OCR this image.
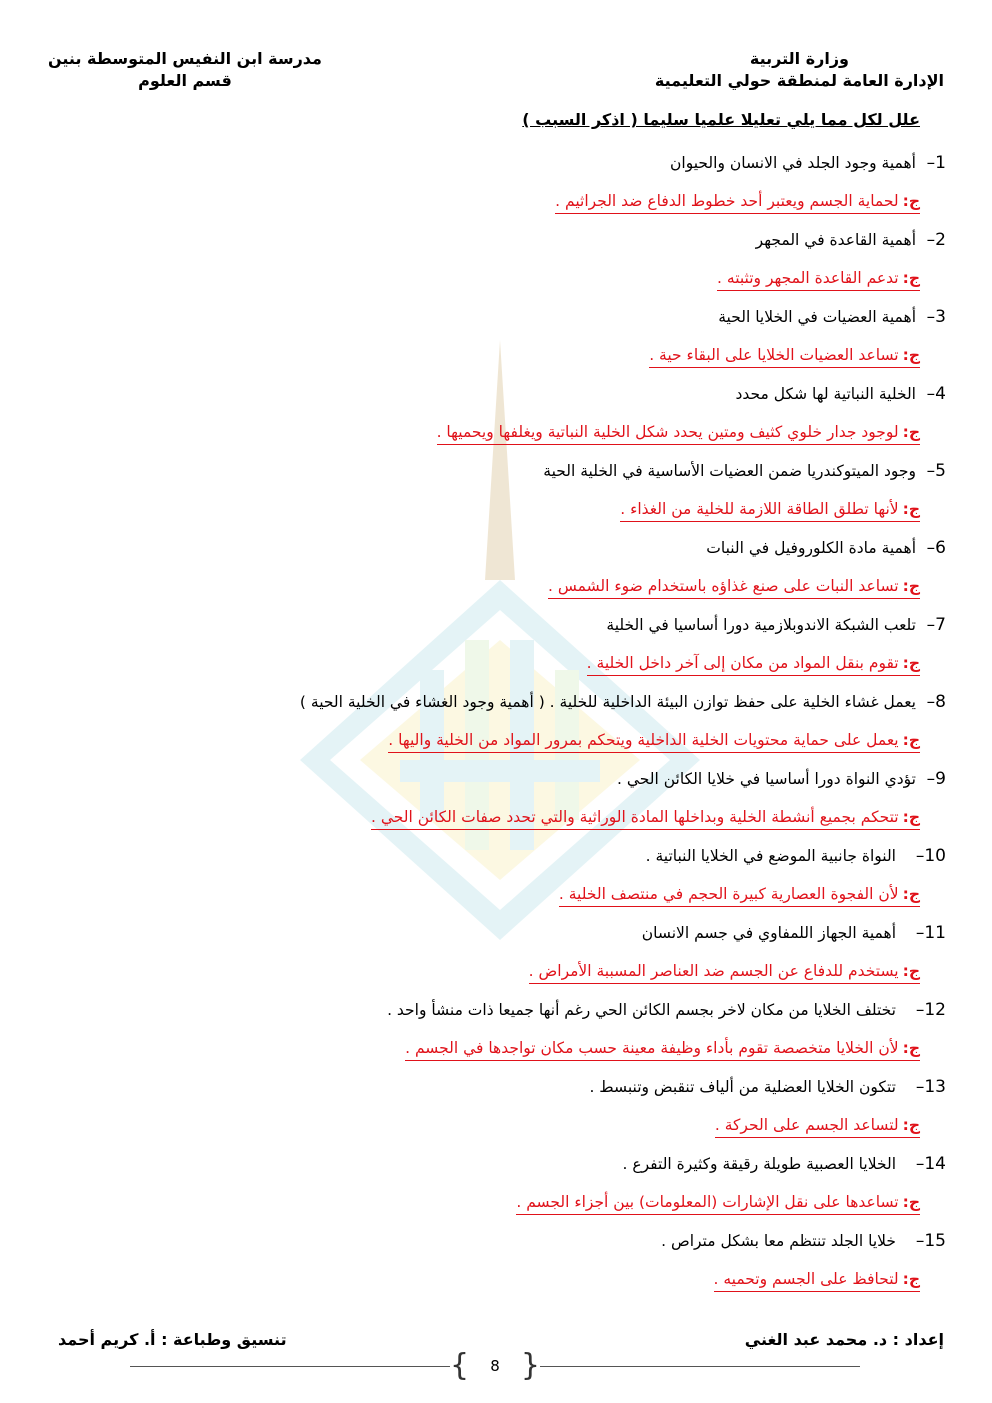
وزارة التربية
الإدارة العامة لمنطقة حولي التعليمية
مدرسة ابن النفيس المتوسطة بنين
قسم العلوم
علل لكل مما يلي تعليلا علميا سليما ( اذكر السبب )
1–
أهمية وجود الجلد في الانسان والحيوان
ج:لحماية الجسم ويعتبر أحد خطوط الدفاع ضد الجراثيم .
2–
أهمية القاعدة في المجهر
ج:تدعم القاعدة المجهر وتثبته .
3–
أهمية العضيات في الخلايا الحية
ج:تساعد العضيات الخلايا على البقاء حية .
4–
الخلية النباتية لها شكل محدد
ج:لوجود جدار خلوي كثيف ومتين يحدد شكل الخلية النباتية ويغلفها ويحميها .
5–
وجود الميتوكندريا ضمن العضيات الأساسية في الخلية الحية
ج:لأنها تطلق الطاقة اللازمة للخلية من الغذاء .
6–
أهمية مادة الكلوروفيل في النبات
ج:تساعد النبات على صنع غذاؤه باستخدام ضوء الشمس .
7–
تلعب الشبكة الاندوبلازمية دورا أساسيا في الخلية
ج:تقوم بنقل المواد من مكان إلى آخر داخل الخلية .
8–
يعمل غشاء الخلية على حفظ توازن البيئة الداخلية للخلية . ( أهمية وجود الغشاء في الخلية الحية )
ج:يعمل على حماية محتويات الخلية الداخلية ويتحكم بمرور المواد من الخلية واليها .
9–
تؤدي النواة دورا أساسيا في خلايا الكائن الحي .
ج:تتحكم بجميع أنشطة الخلية وبداخلها المادة الوراثية والتي تحدد صفات الكائن الحي .
10–
النواة جانبية الموضع في الخلايا النباتية .
ج:لأن الفجوة العصارية كبيرة الحجم في منتصف الخلية .
11–
أهمية الجهاز اللمفاوي في جسم الانسان
ج:يستخدم للدفاع عن الجسم ضد العناصر المسببة الأمراض .
12–
تختلف الخلايا من مكان لاخر بجسم الكائن الحي رغم أنها جميعا ذات منشأ واحد .
ج:لأن الخلايا متخصصة تقوم بأداء وظيفة معينة حسب مكان تواجدها في الجسم .
13–
تتكون الخلايا العضلية من ألياف تنقبض وتنبسط .
ج:لتساعد الجسم على الحركة .
14–
الخلايا العصبية طويلة رقيقة وكثيرة التفرع .
ج:تساعدها على نقل الإشارات (المعلومات) بين أجزاء الجسم .
15–
خلايا الجلد تنتظم معا بشكل متراص .
ج:لتحافظ على الجسم وتحميه .
إعداد : د. محمد عبد الغني
تنسيق وطباعة : أ. كريم أحمد
{ 8 }
